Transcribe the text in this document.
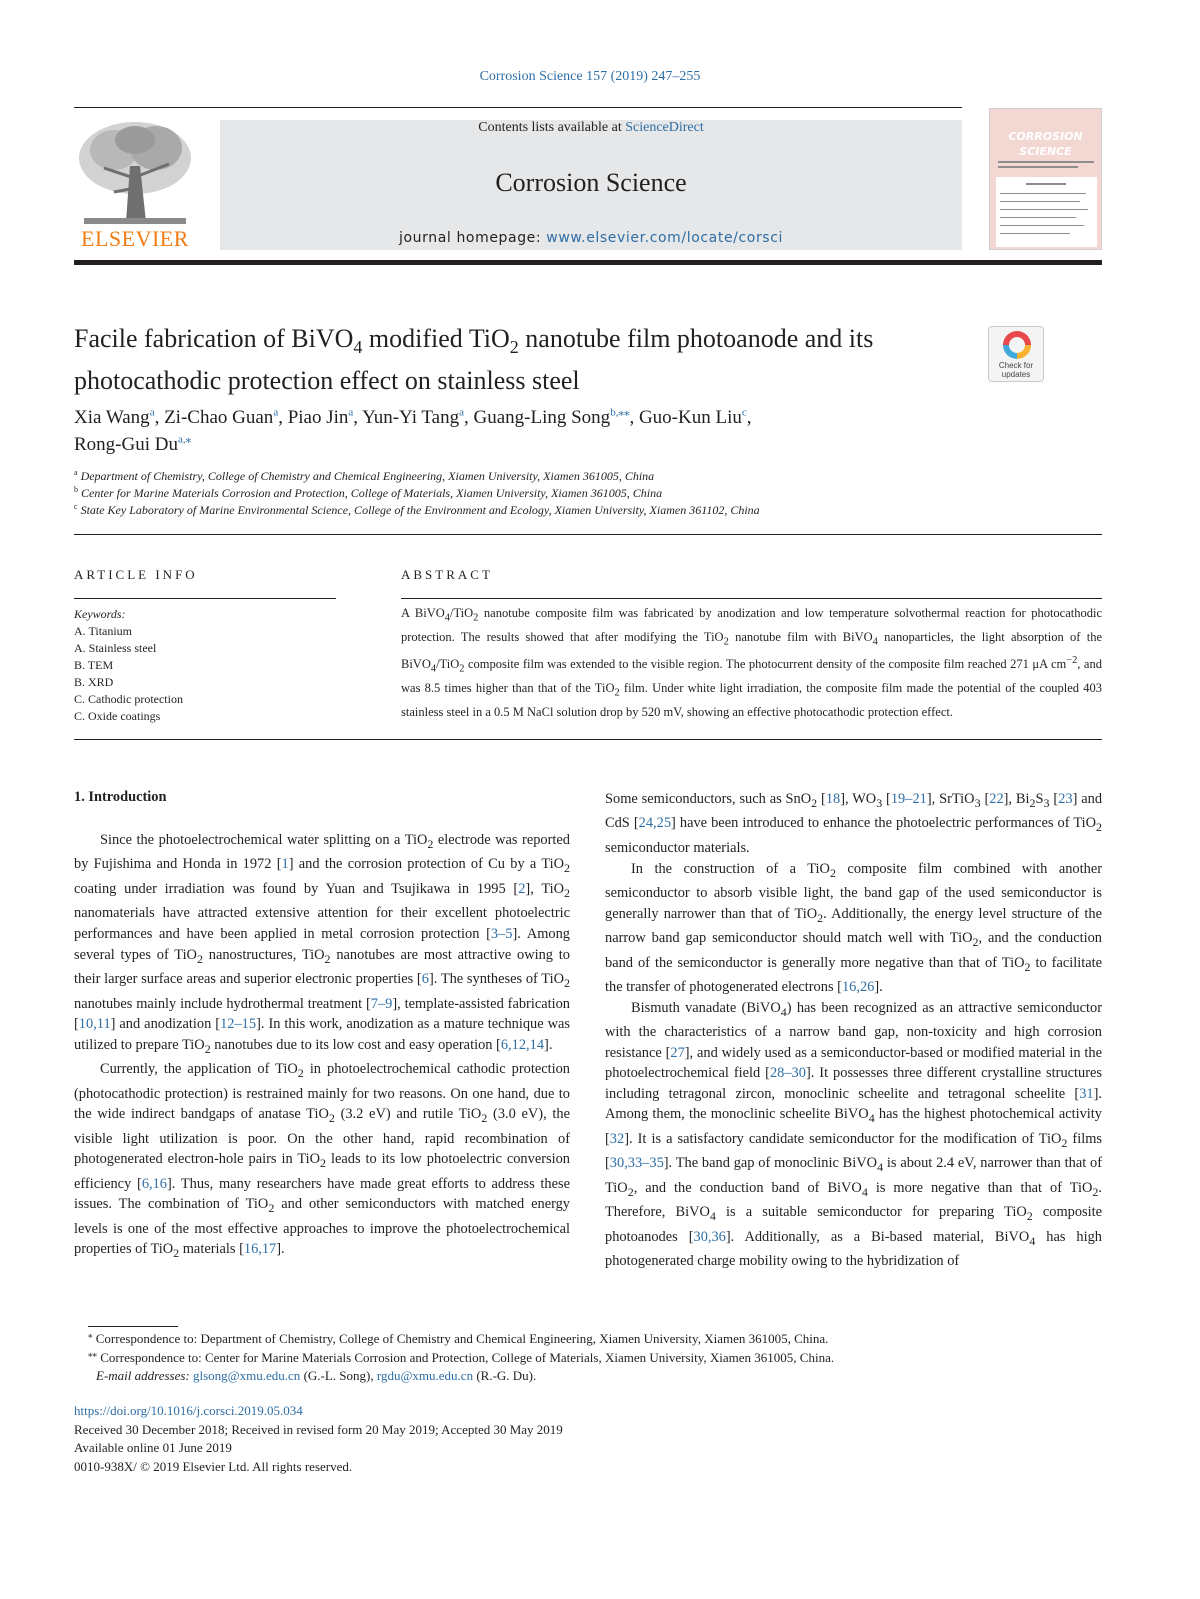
Corrosion Science 157 (2019) 247–255
ELSEVIER
Contents lists available at ScienceDirect
Corrosion Science
journal homepage: www.elsevier.com/locate/corsci
CORROSION
SCIENCE
Facile fabrication of BiVO$_4$ modified TiO$_2$ nanotube film photoanode and its photocathodic protection effect on stainless steel
Check for
updates
Xia Wang$^a$, Zi-Chao Guan$^a$, Piao Jin$^a$, Yun-Yi Tang$^a$, Guang-Ling Song$^{b,⁎⁎}$, Guo-Kun Liu$^c$,
Rong-Gui $Du^{a,⁎}$
$^a$ Department of Chemistry, College of Chemistry and Chemical Engineering, Xiamen University, Xiamen 361005, China
$^b$ Center for Marine Materials Corrosion and Protection, College of Materials, Xiamen University, Xiamen 361005, China
$^c$ State Key Laboratory of Marine Environmental Science, College of the Environment and Ecology, Xiamen University, Xiamen 361102, China
ARTICLE INFO	ABSTRACT
Keywords:
A. Titanium
A. Stainless steel
B. TEM
B. XRD
C. Cathodic protection
C. Oxide coatings
A BiVO$_4$/TiO$_2$ nanotube composite film was fabricated by anodization and low temperature solvothermal reaction for photocathodic protection. The results showed that after modifying the TiO$_2$ nanotube film with BiVO$_4$ nanoparticles, the light absorption of the BiVO$_4$/TiO$_2$ composite film was extended to the visible region. The photocurrent density of the composite film reached 271 μA $cm^{-2}$, and was 8.5 times higher than that of the TiO$_2$ film. Under white light irradiation, the composite film made the potential of the coupled 403 stainless steel in a 0.5 M NaCl solution drop by 520 mV, showing an effective photocathodic protection effect.
1. Introduction

Since the photoelectrochemical water splitting on a TiO$_2$ electrode was reported by Fujishima and Honda in 1972 [1] and the corrosion protection of Cu by a TiO$_2$ coating under irradiation was found by Yuan and Tsujikawa in 1995 [2], TiO$_2$ nanomaterials have attracted extensive attention for their excellent photoelectric performances and have been applied in metal corrosion protection [3–5]. Among several types of TiO$_2$ nanostructures, TiO$_2$ nanotubes are most attractive owing to their larger surface areas and superior electronic properties [6]. The syntheses of TiO$_2$ nanotubes mainly include hydrothermal treatment [7–9], template-assisted fabrication [10,11] and anodization [12–15]. In this work, anodization as a mature technique was utilized to prepare TiO$_2$ nanotubes due to its low cost and easy operation [6,12,14].

Currently, the application of TiO$_2$ in photoelectrochemical cathodic protection (photocathodic protection) is restrained mainly for two reasons. On one hand, due to the wide indirect bandgaps of anatase TiO$_2$ (3.2 eV) and rutile TiO$_2$ (3.0 eV), the visible light utilization is poor. On the other hand, rapid recombination of photogenerated electron-hole pairs in TiO$_2$ leads to its low photoelectric conversion efficiency [6,16]. Thus, many researchers have made great efforts to address these issues. The combination of TiO$_2$ and other semiconductors with matched energy levels is one of the most effective approaches to improve the photoelectrochemical properties of TiO$_2$ materials [16,17].

Some semiconductors, such as SnO$_2$ [18], $WO_3$ [19–21], SrTiO$_3$ [22], $Bi_2S_3$ [23] and CdS [24,25] have been introduced to enhance the photoelectric performances of TiO$_2$ semiconductor materials.

In the construction of a TiO$_2$ composite film combined with another semiconductor to absorb visible light, the band gap of the used semiconductor is generally narrower than that of TiO$_2$. Additionally, the energy level structure of the narrow band gap semiconductor should match well with TiO$_2$, and the conduction band of the semiconductor is generally more negative than that of TiO$_2$ to facilitate the transfer of photogenerated electrons [16,26].

Bismuth vanadate (BiVO$_4$) has been recognized as an attractive semiconductor with the characteristics of a narrow band gap, non-toxicity and high corrosion resistance [27], and widely used as a semiconductor-based or modified material in the photoelectrochemical field [28–30]. It possesses three different crystalline structures including tetragonal zircon, monoclinic scheelite and tetragonal scheelite [31]. Among them, the monoclinic scheelite BiVO$_4$ has the highest photochemical activity [32]. It is a satisfactory candidate semiconductor for the modification of TiO$_2$ films [30,33–35]. The band gap of monoclinic BiVO$_4$ is about 2.4 eV, narrower than that of TiO$_2$, and the conduction band of BiVO$_4$ is more negative than that of TiO$_2$. Therefore, BiVO$_4$ is a suitable semiconductor for preparing TiO$_2$ composite photoanodes [30,36]. Additionally, as a Bi-based material, BiVO$_4$ has high photogenerated charge mobility owing to the hybridization of

⁎ Correspondence to: Department of Chemistry, College of Chemistry and Chemical Engineering, Xiamen University, Xiamen 361005, China.
⁎⁎ Correspondence to: Center for Marine Materials Corrosion and Protection, College of Materials, Xiamen University, Xiamen 361005, China.
E-mail addresses: glsong@xmu.edu.cn (G.-L. Song), rgdu@xmu.edu.cn (R.-G. Du).
https://doi.org/10.1016/j.corsci.2019.05.034
Received 30 December 2018; Received in revised form 20 May 2019; Accepted 30 May 2019
Available online 01 June 2019
0010-938X/ © 2019 Elsevier Ltd. All rights reserved.
